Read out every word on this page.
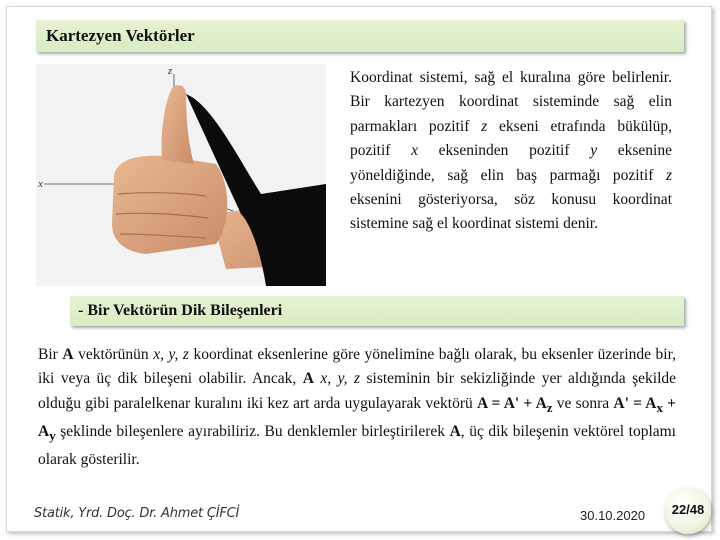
Kartezyen Vektörler
x
z	Koordinat sistemi, sağ el kuralına göre belirlenir. Bir kartezyen koordinat sisteminde sağ elin parmakları pozitif z ekseni etrafında bükülüp, pozitif x ekseninden pozitif y eksenine yöneldiğinde, sağ elin baş parmağı pozitif z eksenini gösteriyorsa, söz konusu koordinat sistemine sağ el koordinat sistemi denir.
- Bir Vektörün Dik Bileşenleri
Bir A vektörünün x, y, z koordinat eksenlerine göre yönelimine bağlı olarak, bu eksenler üzerinde bir, iki veya üç dik bileşeni olabilir. Ancak, A x, y, z sisteminin bir sekizliğinde yer aldığında şekilde olduğu gibi paralelkenar kuralını iki kez art arda uygulayarak vektörü $A = A' + A_z$ ve sonra $A' = A_x + A_y$ şeklinde bileşenlere ayırabiliriz. Bu denklemler birleştirilerek A, üç dik bileşenin vektörel toplamı olarak gösterilir.
Statik, Yrd. Doç. Dr. Ahmet ÇİFCİ	30.10.2020	22/48
